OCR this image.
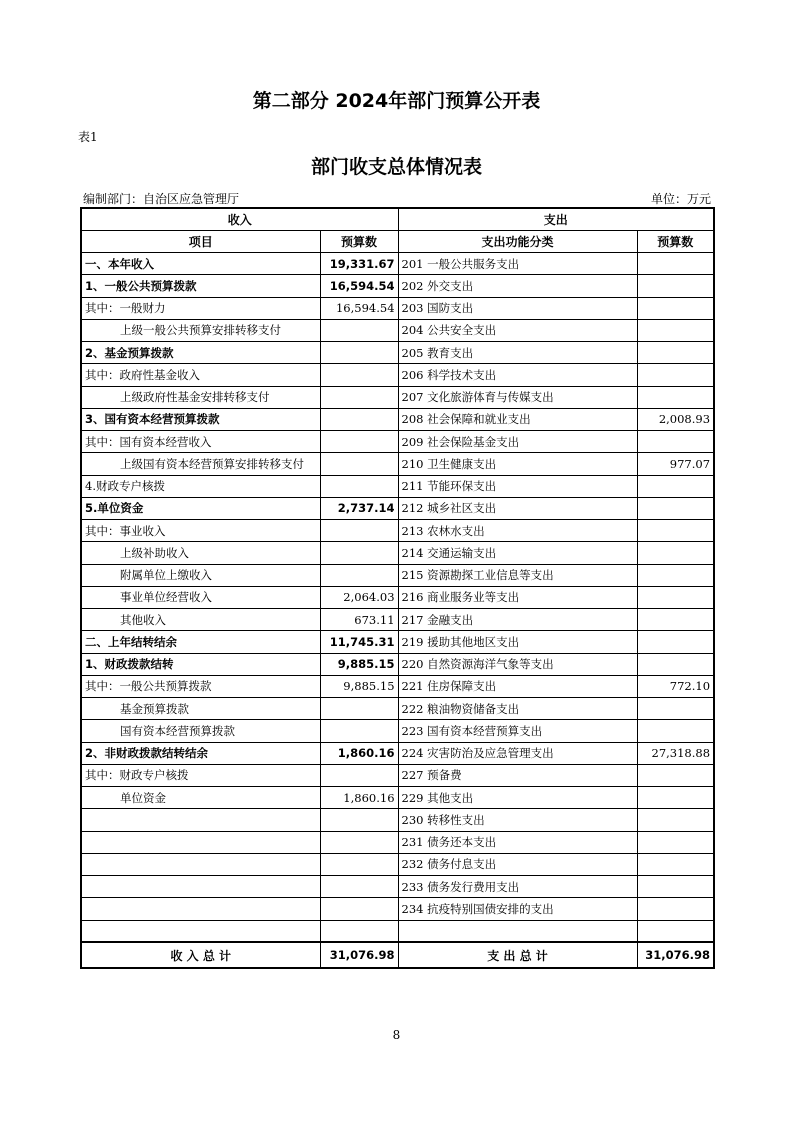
第二部分 2024年部门预算公开表
表1
部门收支总体情况表
编制部门：自治区应急管理厅	单位：万元
收入		支出	
项目	预算数	支出功能分类	预算数
一、本年收入	19,331.67	201 一般公共服务支出	
1、一般公共预算拨款	16,594.54	202 外交支出	
其中：一般财力	16,594.54	203 国防支出	
上级一般公共预算安排转移支付		204 公共安全支出	
2、基金预算拨款		205 教育支出	
其中：政府性基金收入		206 科学技术支出	
上级政府性基金安排转移支付		207 文化旅游体育与传媒支出	
3、国有资本经营预算拨款		208 社会保障和就业支出	2,008.93
其中：国有资本经营收入		209 社会保险基金支出	
上级国有资本经营预算安排转移支付		210 卫生健康支出	977.07
4.财政专户核拨		211 节能环保支出	
5.单位资金	2,737.14	212 城乡社区支出	
其中：事业收入		213 农林水支出	
上级补助收入		214 交通运输支出	
附属单位上缴收入		215 资源勘探工业信息等支出	
事业单位经营收入	2,064.03	216 商业服务业等支出	
其他收入	673.11	217 金融支出	
二、上年结转结余	11,745.31	219 援助其他地区支出	
1、财政拨款结转	9,885.15	220 自然资源海洋气象等支出	
其中：一般公共预算拨款	9,885.15	221 住房保障支出	772.10
基金预算拨款		222 粮油物资储备支出	
国有资本经营预算拨款		223 国有资本经营预算支出	
2、非财政拨款结转结余	1,860.16	224 灾害防治及应急管理支出	27,318.88
其中：财政专户核拨		227 预备费	
单位资金	1,860.16	229 其他支出	
		230 转移性支出	
		231 债务还本支出	
		232 债务付息支出	
		233 债务发行费用支出	
		234 抗疫特别国债安排的支出	

收 入 总 计	31,076.98	支 出 总 计	31,076.98
8
